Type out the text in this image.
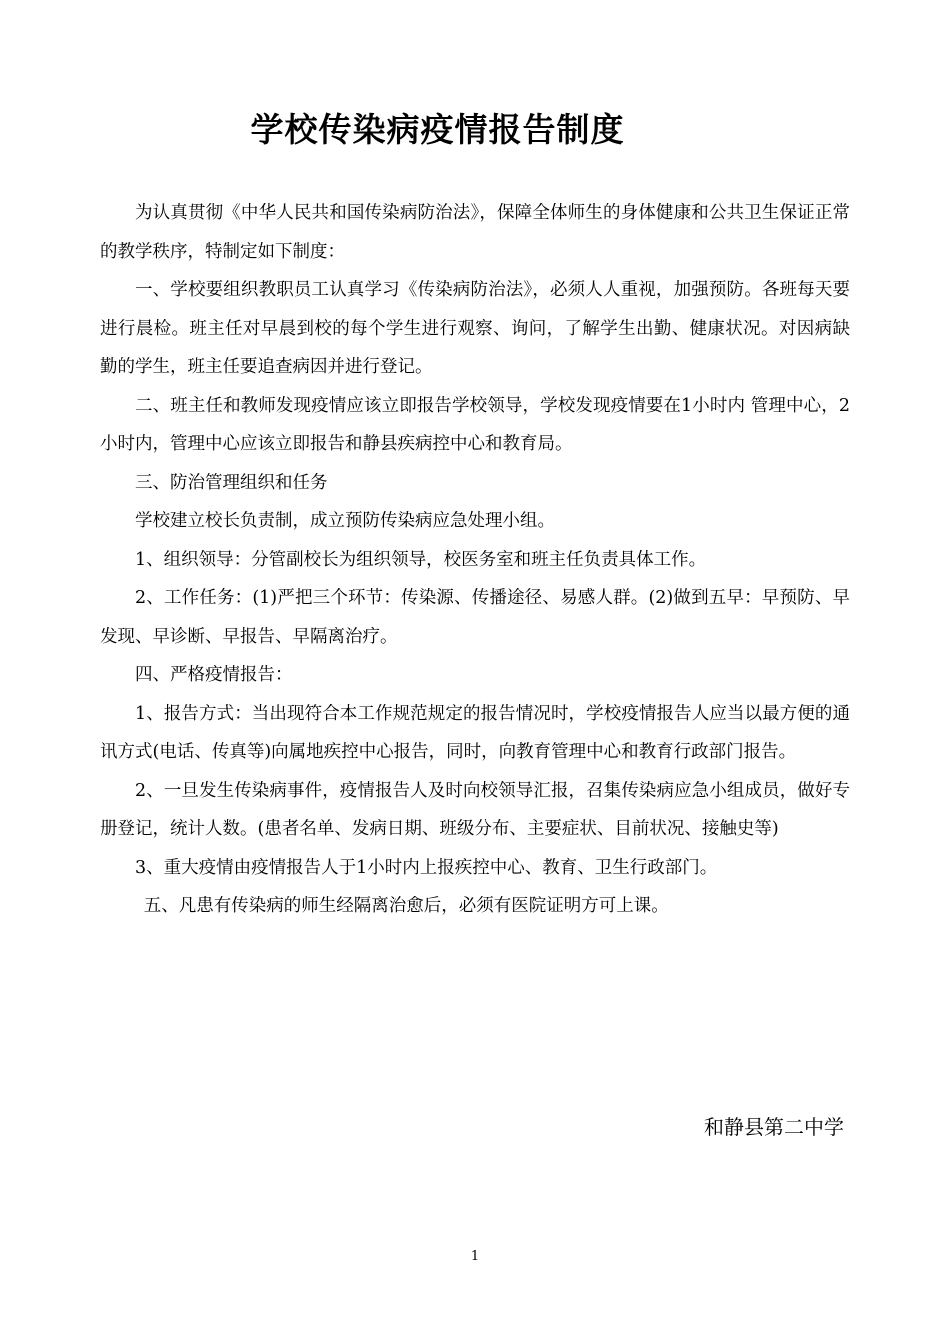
学校传染病疫情报告制度

为认真贯彻《中华人民共和国传染病防治法》，保障全体师生的身体健康和公共卫生保证正常的教学秩序，特制定如下制度：

一、学校要组织教职员工认真学习《传染病防治法》，必须人人重视，加强预防。各班每天要进行晨检。班主任对早晨到校的每个学生进行观察、询问，了解学生出勤、健康状况。对因病缺勤的学生，班主任要追查病因并进行登记。

二、班主任和教师发现疫情应该立即报告学校领导，学校发现疫情要在1小时内 管理中心，2小时内，管理中心应该立即报告和静县疾病控中心和教育局。

三、防治管理组织和任务

学校建立校长负责制，成立预防传染病应急处理小组。

1、组织领导：分管副校长为组织领导，校医务室和班主任负责具体工作。

2、工作任务：(1)严把三个环节：传染源、传播途径、易感人群。(2)做到五早：早预防、早发现、早诊断、早报告、早隔离治疗。

四、严格疫情报告：

1、报告方式：当出现符合本工作规范规定的报告情况时，学校疫情报告人应当以最方便的通讯方式(电话、传真等)向属地疾控中心报告，同时，向教育管理中心和教育行政部门报告。

2、一旦发生传染病事件，疫情报告人及时向校领导汇报，召集传染病应急小组成员，做好专册登记，统计人数。(患者名单、发病日期、班级分布、主要症状、目前状况、接触史等)

3、重大疫情由疫情报告人于1小时内上报疾控中心、教育、卫生行政部门。

五、凡患有传染病的师生经隔离治愈后，必须有医院证明方可上课。

和静县第二中学
1
